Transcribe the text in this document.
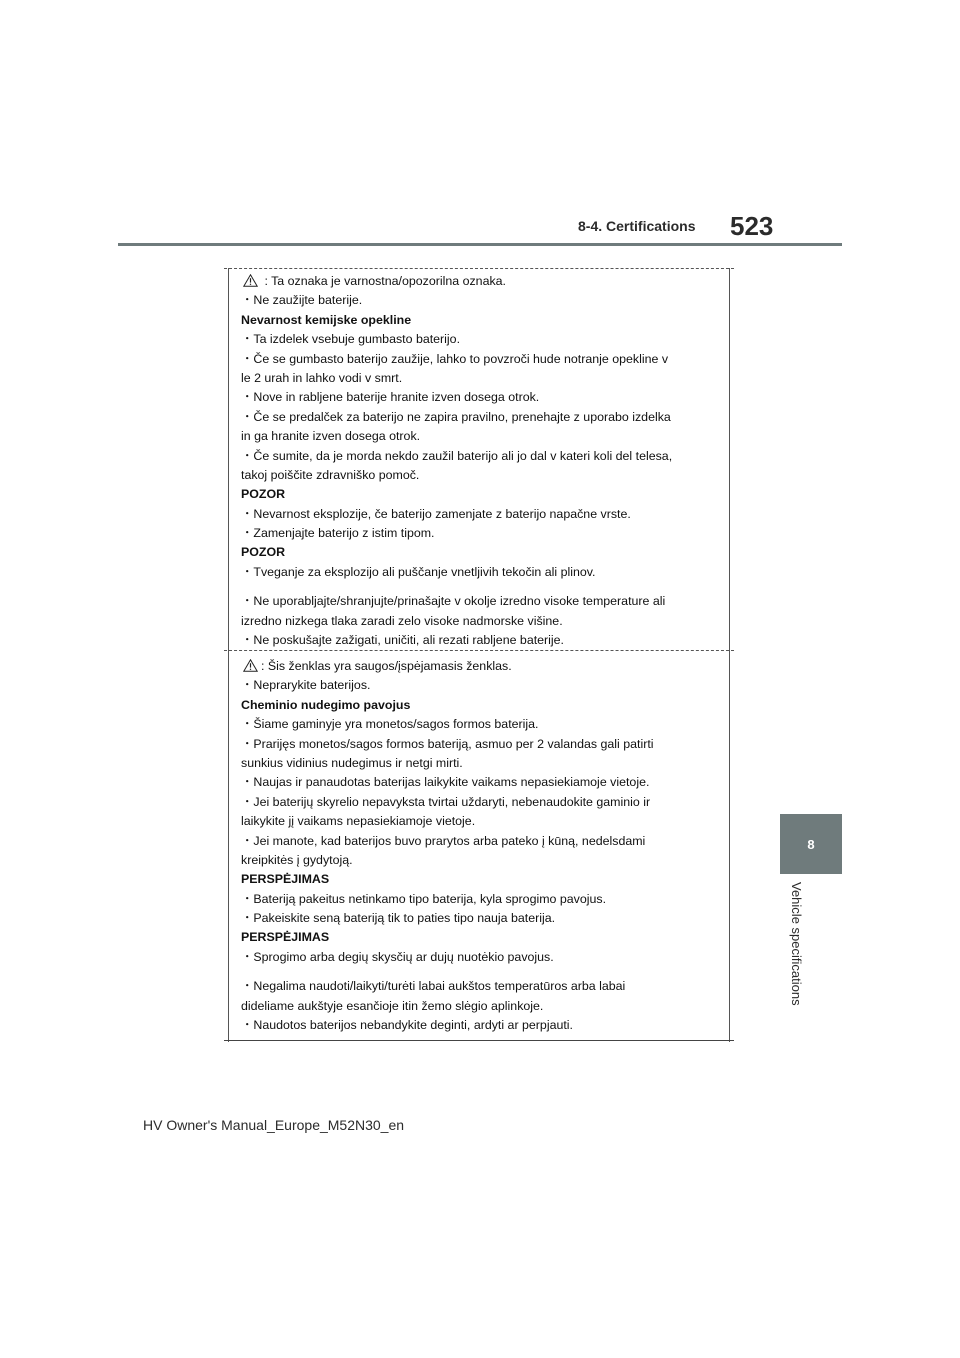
8-4. Certifications 523
8
Vehicle specifications
: Ta oznaka je varnostna/opozorilna oznaka.
・Ne zaužijte baterije.
Nevarnost kemijske opekline
・Ta izdelek vsebuje gumbasto baterijo.
・Če se gumbasto baterijo zaužije, lahko to povzroči hude notranje opekline v
le 2 urah in lahko vodi v smrt.
・Nove in rabljene baterije hranite izven dosega otrok.
・Če se predalček za baterijo ne zapira pravilno, prenehajte z uporabo izdelka
in ga hranite izven dosega otrok.
・Če sumite, da je morda nekdo zaužil baterijo ali jo dal v kateri koli del telesa,
takoj poiščite zdravniško pomoč.
POZOR
・Nevarnost eksplozije, če baterijo zamenjate z baterijo napačne vrste.
・Zamenjajte baterijo z istim tipom.
POZOR
・Tveganje za eksplozijo ali puščanje vnetljivih tekočin ali plinov.
・Ne uporabljajte/shranjujte/prinašajte v okolje izredno visoke temperature ali
izredno nizkega tlaka zaradi zelo visoke nadmorske višine.
・Ne poskušajte zažigati, uničiti, ali rezati rabljene baterije.
: Šis ženklas yra saugos/įspėjamasis ženklas.
・Neprarykite baterijos.
Cheminio nudegimo pavojus
・Šiame gaminyje yra monetos/sagos formos baterija.
・Prarijęs monetos/sagos formos bateriją, asmuo per 2 valandas gali patirti
sunkius vidinius nudegimus ir netgi mirti.
・Naujas ir panaudotas baterijas laikykite vaikams nepasiekiamoje vietoje.
・Jei baterijų skyrelio nepavyksta tvirtai uždaryti, nebenaudokite gaminio ir
laikykite jį vaikams nepasiekiamoje vietoje.
・Jei manote, kad baterijos buvo prarytos arba pateko į kūną, nedelsdami
kreipkitės į gydytoją.
PERSPĖJIMAS
・Bateriją pakeitus netinkamo tipo baterija, kyla sprogimo pavojus.
・Pakeiskite seną bateriją tik to paties tipo nauja baterija.
PERSPĖJIMAS
・Sprogimo arba degių skysčių ar dujų nuotėkio pavojus.
・Negalima naudoti/laikyti/turėti labai aukštos temperatūros arba labai
dideliame aukštyje esančioje itin žemo slėgio aplinkoje.
・Naudotos baterijos nebandykite deginti, ardyti ar perpjauti.
HV Owner's Manual_Europe_M52N30_en
